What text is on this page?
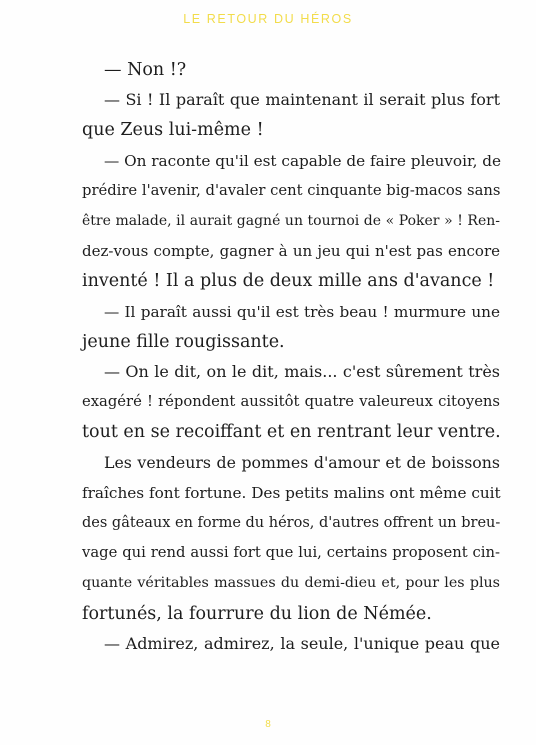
LE RETOUR DU HÉROS

— Non !?

— Si ! Il paraît que maintenant il serait plus fort
que Zeus lui-même !

— On raconte qu'il est capable de faire pleuvoir, de
prédire l'avenir, d'avaler cent cinquante big-macos sans
être malade, il aurait gagné un tournoi de « Poker » ! Ren-
dez-vous compte, gagner à un jeu qui n'est pas encore
inventé ! Il a plus de deux mille ans d'avance !

— Il paraît aussi qu'il est très beau ! murmure une
jeune fille rougissante.

— On le dit, on le dit, mais... c'est sûrement très
exagéré ! répondent aussitôt quatre valeureux citoyens
tout en se recoiffant et en rentrant leur ventre.

Les vendeurs de pommes d'amour et de boissons
fraîches font fortune. Des petits malins ont même cuit
des gâteaux en forme du héros, d'autres offrent un breu-
vage qui rend aussi fort que lui, certains proposent cin-
quante véritables massues du demi-dieu et, pour les plus
fortunés, la fourrure du lion de Némée.

— Admirez, admirez, la seule, l'unique peau que

8
